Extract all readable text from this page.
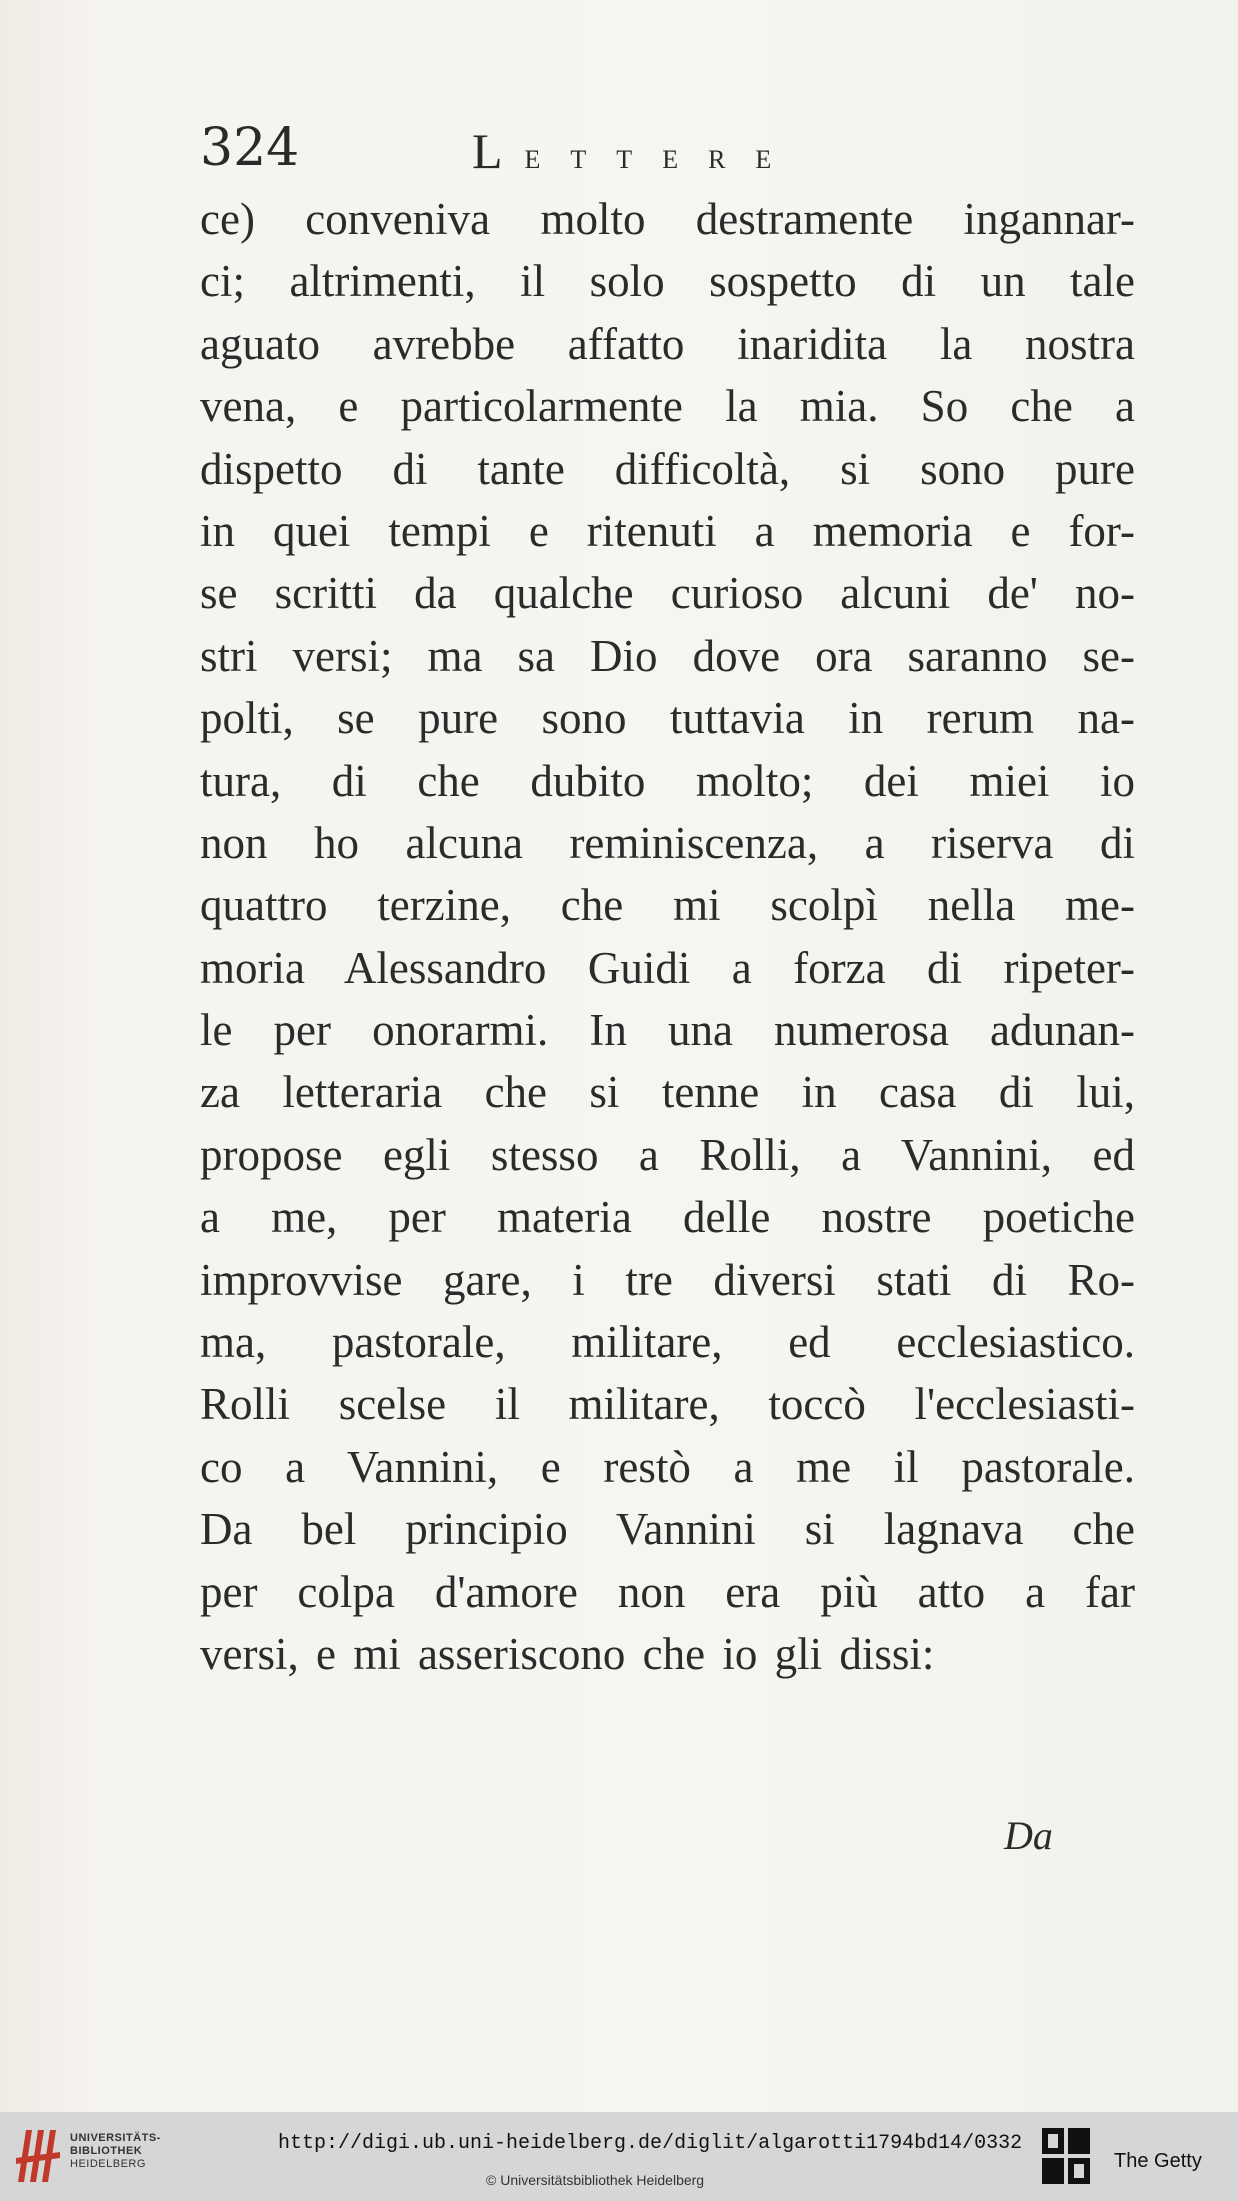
324	LETTERE
ce) conveniva molto destramente ingannar-
ci; altrimenti, il solo sospetto di un tale
aguato avrebbe affatto inaridita la nostra
vena, e particolarmente la mia. So che a
dispetto di tante difficoltà, si sono pure
in quei tempi e ritenuti a memoria e for-
se scritti da qualche curioso alcuni de' no-
stri versi; ma sa Dio dove ora saranno se-
polti, se pure sono tuttavia in rerum na-
tura, di che dubito molto; dei miei io
non ho alcuna reminiscenza, a riserva di
quattro terzine, che mi scolpì nella me-
moria Alessandro Guidi a forza di ripeter-
le per onorarmi. In una numerosa adunan-
za letteraria che si tenne in casa di lui,
propose egli stesso a Rolli, a Vannini, ed
a me, per materia delle nostre poetiche
improvvise gare, i tre diversi stati di Ro-
ma, pastorale, militare, ed ecclesiastico.
Rolli scelse il militare, toccò l'ecclesiasti-
co a Vannini, e restò a me il pastorale.
Da bel principio Vannini si lagnava che
per colpa d'amore non era più atto a far
versi, e mi asseriscono che io gli dissi:
Da
UNIVERSITÄTS-
BIBLIOTHEK
HEIDELBERG
http://digi.ub.uni-heidelberg.de/diglit/algarotti1794bd14/0332
© Universitätsbibliothek Heidelberg
The Getty
